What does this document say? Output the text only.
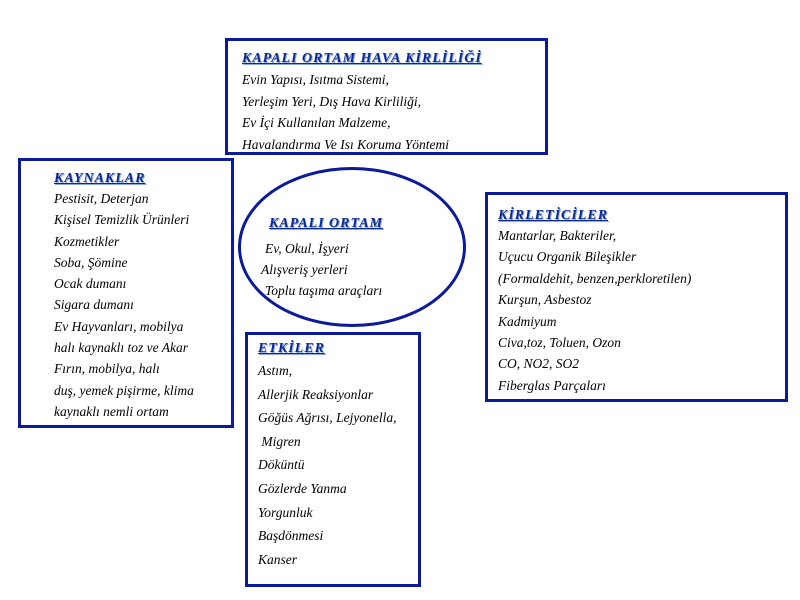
KAPALI ORTAM HAVA KİRLİLİĞİ
Evin Yapısı, Isıtma Sistemi,
Yerleşim Yeri, Dış Hava Kirliliği,
Ev İçi Kullanılan Malzeme,
Havalandırma Ve Isı Koruma Yöntemi
KAYNAKLAR
Pestisit, Deterjan
Kişisel Temizlik Ürünleri
Kozmetikler
Soba, Şömine
Ocak dumanı
Sigara dumanı
Ev Hayvanları, mobilya
halı kaynaklı toz ve Akar
Fırın, mobilya, halı
duş, yemek pişirme, klima
kaynaklı nemli ortam
KAPALI ORTAM
Ev, Okul, İşyeri
Alışveriş yerleri
Toplu taşıma araçları
KİRLETİCİLER
Mantarlar, Bakteriler,
Uçucu Organik Bileşikler
(Formaldehit, benzen,perkloretilen)
Kurşun, Asbestoz
Kadmiyum
Civa,toz, Toluen, Ozon
CO, NO2, SO2
Fiberglas Parçaları
ETKİLER
Astım,
Allerjik Reaksiyonlar
Göğüs Ağrısı, Lejyonella,
Migren
Döküntü
Gözlerde Yanma
Yorgunluk
Başdönmesi
Kanser
